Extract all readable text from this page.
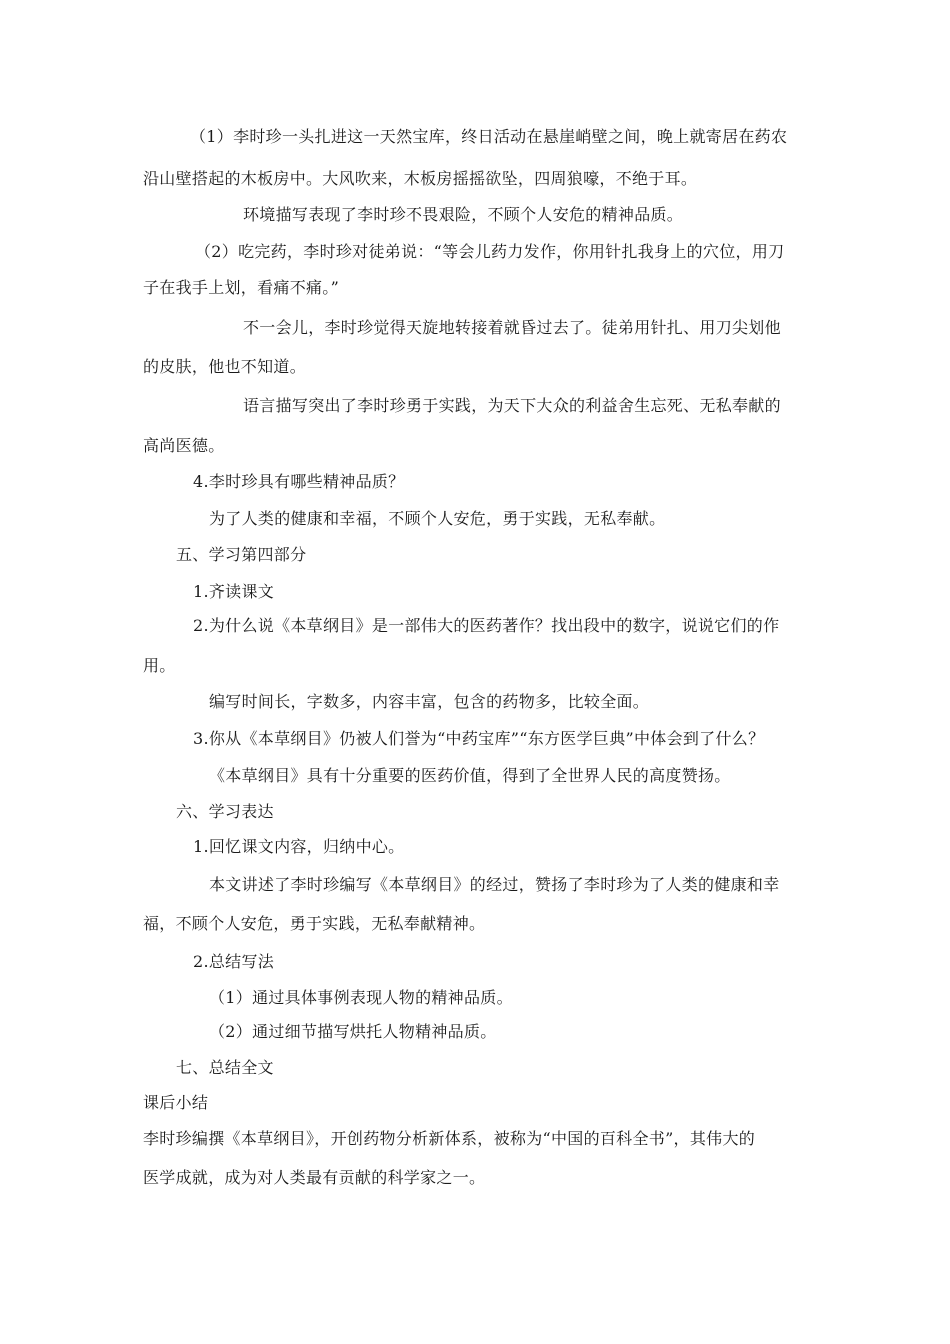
（1）李时珍一头扎进这一天然宝库，终日活动在悬崖峭壁之间，晚上就寄居在药农
沿山壁搭起的木板房中。大风吹来，木板房摇摇欲坠，四周狼嚎，不绝于耳。
环境描写表现了李时珍不畏艰险，不顾个人安危的精神品质。
（2）吃完药，李时珍对徒弟说：“等会儿药力发作，你用针扎我身上的穴位，用刀
子在我手上划，看痛不痛。”
不一会儿，李时珍觉得天旋地转接着就昏过去了。徒弟用针扎、用刀尖划他
的皮肤，他也不知道。
语言描写突出了李时珍勇于实践，为天下大众的利益舍生忘死、无私奉献的
高尚医德。
4.李时珍具有哪些精神品质？
为了人类的健康和幸福，不顾个人安危，勇于实践，无私奉献。
五、学习第四部分
1.齐读课文
2.为什么说《本草纲目》是一部伟大的医药著作？找出段中的数字，说说它们的作
用。
编写时间长，字数多，内容丰富，包含的药物多，比较全面。
3.你从《本草纲目》仍被人们誉为“中药宝库”“东方医学巨典”中体会到了什么？
《本草纲目》具有十分重要的医药价值，得到了全世界人民的高度赞扬。
六、学习表达
1.回忆课文内容，归纳中心。
本文讲述了李时珍编写《本草纲目》的经过，赞扬了李时珍为了人类的健康和幸
福，不顾个人安危，勇于实践，无私奉献精神。
2.总结写法
（1）通过具体事例表现人物的精神品质。
（2）通过细节描写烘托人物精神品质。
七、总结全文
课后小结
李时珍编撰《本草纲目》，开创药物分析新体系，被称为“中国的百科全书”，其伟大的
医学成就，成为对人类最有贡献的科学家之一。
